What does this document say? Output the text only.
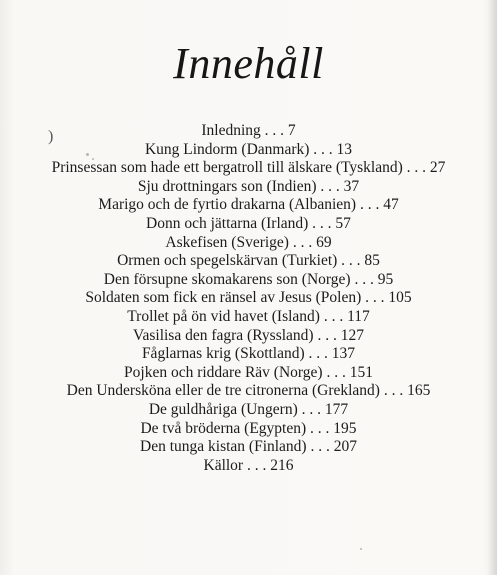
Innehåll
)	Inledning . . . 7
Kung Lindorm (Danmark) . . . 13
Prinsessan som hade ett bergatroll till älskare (Tyskland) . . . 27
Sju drottningars son (Indien) . . . 37
Marigo och de fyrtio drakarna (Albanien) . . . 47
Donn och jättarna (Irland) . . . 57
Askefisen (Sverige) . . . 69
Ormen och spegelskärvan (Turkiet) . . . 85
Den försupne skomakarens son (Norge) . . . 95
Soldaten som fick en ränsel av Jesus (Polen) . . . 105
Trollet på ön vid havet (Island) . . . 117
Vasilisa den fagra (Ryssland) . . . 127
Fåglarnas krig (Skottland) . . . 137
Pojken och riddare Räv (Norge) . . . 151
Den Undersköna eller de tre citronerna (Grekland) . . . 165
De guldhåriga (Ungern) . . . 177
De två bröderna (Egypten) . . . 195
Den tunga kistan (Finland) . . . 207
Källor . . . 216
